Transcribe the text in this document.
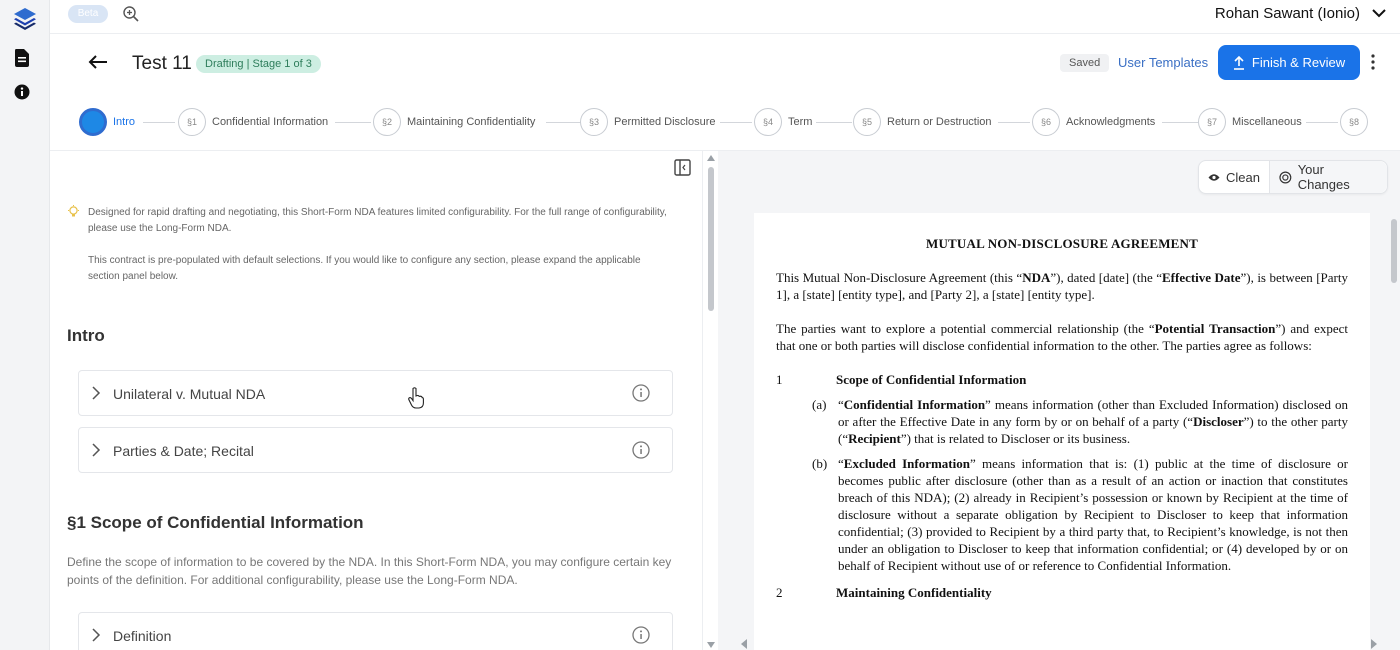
Beta	Rohan Sawant (Ionio)
Test 11	Drafting | Stage 1 of 3	Saved	User Templates	Finish & Review
Intro	§1	Confidential Information	§2	Maintaining Confidentiality	§3	Permitted Disclosure	§4	Term	§5	Return or Destruction	§6	Acknowledgments	§7	Miscellaneous	§8
Designed for rapid drafting and negotiating, this Short-Form NDA features limited configurability. For the full range of configurability, please use the Long-Form NDA.
This contract is pre-populated with default selections. If you would like to configure any section, please expand the applicable section panel below.
Intro
Unilateral v. Mutual NDA
Parties & Date; Recital
§1 Scope of Confidential Information
Define the scope of information to be covered by the NDA. In this Short-Form NDA, you may configure certain key points of the definition. For additional configurability, please use the Long-Form NDA.
Definition
Clean	Your Changes
MUTUAL NON-DISCLOSURE AGREEMENT

This Mutual Non-Disclosure Agreement (this “NDA”), dated [date] (the “Effective Date”), is between [Party 1], a [state] [entity type], and [Party 2], a [state] [entity type].

The parties want to explore a potential commercial relationship (the “Potential Transaction”) and expect that one or both parties will disclose confidential information to the other. The parties agree as follows:

1	Scope of Confidential Information
(a) “Confidential Information” means information (other than Excluded Information) disclosed on or after the Effective Date in any form by or on behalf of a party (“Discloser”) to the other party (“Recipient”) that is related to Discloser or its business.
(b) “Excluded Information” means information that is: (1) public at the time of disclosure or becomes public after disclosure (other than as a result of an action or inaction that constitutes breach of this NDA); (2) already in Recipient’s possession or known by Recipient at the time of disclosure without a separate obligation by Recipient to Discloser to keep that information confidential; (3) provided to Recipient by a third party that, to Recipient’s knowledge, is not then under an obligation to Discloser to keep that information confidential; or (4) developed by or on behalf of Recipient without use of or reference to Confidential Information.
2	Maintaining Confidentiality
